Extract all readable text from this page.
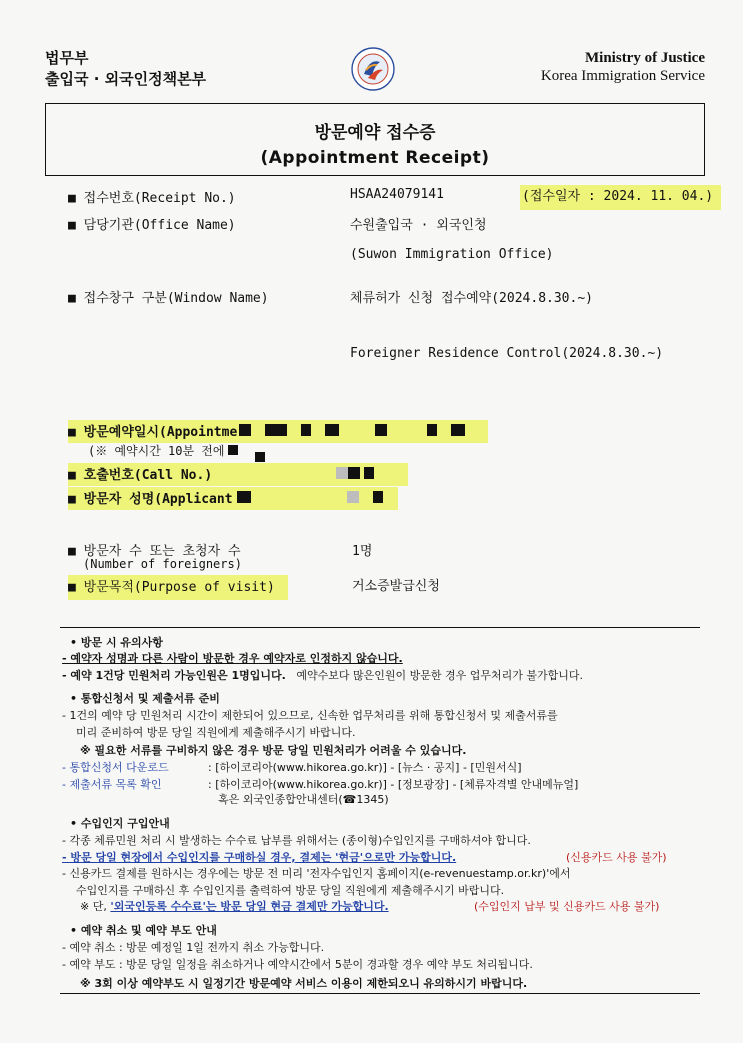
법무부
출입국 · 외국인정책본부
Ministry of Justice
Korea Immigration Service
방문예약 접수증
(Appointment Receipt)
■ 접수번호(Receipt No.)	HSAA24079141	(접수일자 : 2024. 11. 04.)
■ 담당기관(Office Name)	수원출입국 · 외국인청
(Suwon Immigration Office)
■ 접수창구 구분(Window Name)	체류허가 신청 접수예약(2024.8.30.~)
Foreigner Residence Control(2024.8.30.~)
■ 방문예약일시(Appointme
(※ 예약시간 10분 전에
■ 호출번호(Call No.)
■ 방문자 성명(Applicant
■ 방문자 수 또는 초청자 수
(Number of foreigners)
1명
■ 방문목적(Purpose of visit)	거소증발급신청
• 방문 시 유의사항
- 예약자 성명과 다른 사람이 방문한 경우 예약자로 인정하지 않습니다.
- 예약 1건당 민원처리 가능인원은 1명입니다. 예약수보다 많은인원이 방문한 경우 업무처리가 불가합니다.
• 통합신청서 및 제출서류 준비
- 1건의 예약 당 민원처리 시간이 제한되어 있으므로, 신속한 업무처리를 위해 통합신청서 및 제출서류를
미리 준비하여 방문 당일 직원에게 제출해주시기 바랍니다.
※ 필요한 서류를 구비하지 않은 경우 방문 당일 민원처리가 어려울 수 있습니다.
- 통합신청서 다운로드	: [하이코리아(www.hikorea.go.kr)] - [뉴스 · 공지] - [민원서식]
- 제출서류 목록 확인	: [하이코리아(www.hikorea.go.kr)] - [정보광장] - [체류자격별 안내메뉴얼]
혹은 외국인종합안내센터(☎1345)
• 수입인지 구입안내
- 각종 체류민원 처리 시 발생하는 수수료 납부를 위해서는 (종이형)수입인지를 구매하셔야 합니다.
- 방문 당일 현장에서 수입인지를 구매하실 경우, 결제는 '현금'으로만 가능합니다.	(신용카드 사용 불가)
- 신용카드 결제를 원하시는 경우에는 방문 전 미리 '전자수입인지 홈페이지(e-revenuestamp.or.kr)'에서
수입인지를 구매하신 후 수입인지를 출력하여 방문 당일 직원에게 제출해주시기 바랍니다.
※ 단, '외국인등록 수수료'는 방문 당일 현금 결제만 가능합니다.	(수입인지 납부 및 신용카드 사용 불가)
• 예약 취소 및 예약 부도 안내
- 예약 취소 : 방문 예정일 1일 전까지 취소 가능합니다.
- 예약 부도 : 방문 당일 일정을 취소하거나 예약시간에서 5분이 경과할 경우 예약 부도 처리됩니다.
※ 3회 이상 예약부도 시 일정기간 방문예약 서비스 이용이 제한되오니 유의하시기 바랍니다.
